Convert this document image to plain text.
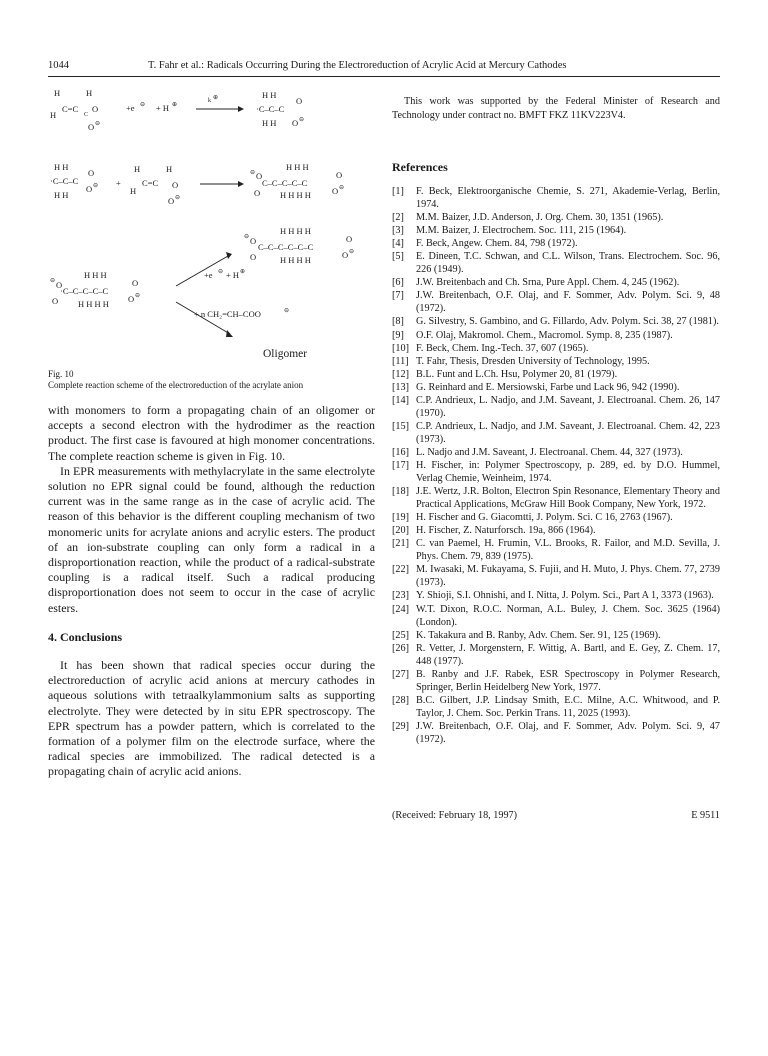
1044	T. Fahr et al.: Radicals Occurring During the Electroreduction of Acrylic Acid at Mercury Cathodes
H	H
C=C
H	C
O
O ⊖
+e ⊖ + H ⊕
k ⊕	H H
·C–C–C
O
H H O ⊖
H H
·C–C–C
O
H H
O ⊖ +
H	H
C=C
H
O
O ⊖
⊖ O
H H H
C–C–C–C–C
O
O H H H H O ⊖
⊖ O
H H H H
C–C–C–C–C–C
O
O	H H H H	O ⊖
⊖ O
H H H
·C–C–C–C–C
O
O H H H H O ⊖
+e ⊖ + H ⊕
+ n CH₂=CH–COO	⊖
Oligomer
Fig. 10
Complete reaction scheme of the electroreduction of the acrylate anion

with monomers to form a propagating chain of an oligomer or accepts a second electron with the hydrodimer as the reaction product. The first case is favoured at high monomer concentrations. The complete reaction scheme is given in Fig. 10.

In EPR measurements with methylacrylate in the same electrolyte solution no EPR signal could be found, although the reduction current was in the same range as in the case of acrylic acid. The reason of this behavior is the different coupling mechanism of two monomeric units for acrylate anions and acrylic esters. The product of an ion-substrate coupling can only form a radical in a disproportionation reaction, while the product of a radical-substrate coupling is a radical itself. Such a radical producing disproportionation does not seem to occur in the case of acrylic esters.

4. Conclusions

It has been shown that radical species occur during the electroreduction of acrylic acid anions at mercury cathodes in aqueous solutions with tetraalkylammonium salts as supporting electrolyte. They were detected by in situ EPR spectroscopy. The EPR spectrum has a powder pattern, which is correlated to the formation of a polymer film on the electrode surface, where the radical species are immobilized. The radical detected is a propagating chain of acrylic acid anions.

This work was supported by the Federal Minister of Research and Technology under contract no. BMFT FKZ 11KV223V4.

References
[1] F. Beck, Elektroorganische Chemie, S. 271, Akademie-Verlag, Berlin, 1974.
[2] M.M. Baizer, J.D. Anderson, J. Org. Chem. 30, 1351 (1965).
[3] M.M. Baizer, J. Electrochem. Soc. 111, 215 (1964).
[4] F. Beck, Angew. Chem. 84, 798 (1972).
[5] E. Dineen, T.C. Schwan, and C.L. Wilson, Trans. Electrochem. Soc. 96, 226 (1949).
[6] J.W. Breitenbach and Ch. Srna, Pure Appl. Chem. 4, 245 (1962).
[7] J.W. Breitenbach, O.F. Olaj, and F. Sommer, Adv. Polym. Sci. 9, 48 (1972).
[8] G. Silvestry, S. Gambino, and G. Fillardo, Adv. Polym. Sci. 38, 27 (1981).
[9] O.F. Olaj, Makromol. Chem., Macromol. Symp. 8, 235 (1987).
[10] F. Beck, Chem. Ing.-Tech. 37, 607 (1965).
[11] T. Fahr, Thesis, Dresden University of Technology, 1995.
[12] B.L. Funt and L.Ch. Hsu, Polymer 20, 81 (1979).
[13] G. Reinhard and E. Mersiowski, Farbe und Lack 96, 942 (1990).
[14] C.P. Andrieux, L. Nadjo, and J.M. Saveant, J. Electroanal. Chem. 26, 147 (1970).
[15] C.P. Andrieux, L. Nadjo, and J.M. Saveant, J. Electroanal. Chem. 42, 223 (1973).
[16] L. Nadjo and J.M. Saveant, J. Electroanal. Chem. 44, 327 (1973).
[17] H. Fischer, in: Polymer Spectroscopy, p. 289, ed. by D.O. Hummel, Verlag Chemie, Weinheim, 1974.
[18] J.E. Wertz, J.R. Bolton, Electron Spin Resonance, Elementary Theory and Practical Applications, McGraw Hill Book Company, New York, 1972.
[19] H. Fischer and G. Giacomtti, J. Polym. Sci. C 16, 2763 (1967).
[20] H. Fischer, Z. Naturforsch. 19a, 866 (1964).
[21] C. van Paemel, H. Frumin, V.L. Brooks, R. Failor, and M.D. Sevilla, J. Phys. Chem. 79, 839 (1975).
[22] M. Iwasaki, M. Fukayama, S. Fujii, and H. Muto, J. Phys. Chem. 77, 2739 (1973).
[23] Y. Shioji, S.I. Ohnishi, and I. Nitta, J. Polym. Sci., Part A 1, 3373 (1963).
[24] W.T. Dixon, R.O.C. Norman, A.L. Buley, J. Chem. Soc. 3625 (1964) (London).
[25] K. Takakura and B. Ranby, Adv. Chem. Ser. 91, 125 (1969).
[26] R. Vetter, J. Morgenstern, F. Wittig, A. Bartl, and E. Gey, Z. Chem. 17, 448 (1977).
[27] B. Ranby and J.F. Rabek, ESR Spectroscopy in Polymer Research, Springer, Berlin Heidelberg New York, 1977.
[28] B.C. Gilbert, J.P. Lindsay Smith, E.C. Milne, A.C. Whitwood, and P. Taylor, J. Chem. Soc. Perkin Trans. 11, 2025 (1993).
[29] J.W. Breitenbach, O.F. Olaj, and F. Sommer, Adv. Polym. Sci. 9, 47 (1972).
(Received: February 18, 1997)	E 9511
